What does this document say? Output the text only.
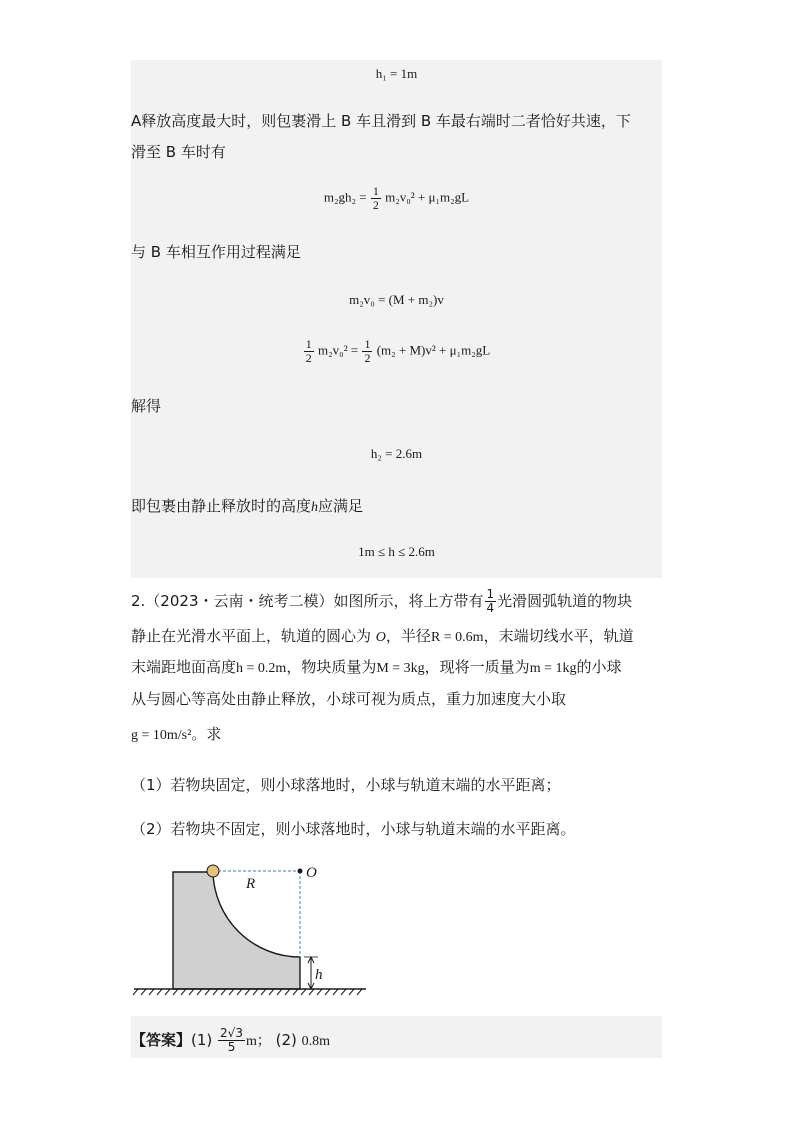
h₁ = 1m
A释放高度最大时，则包裹滑上 B 车且滑到 B 车最右端时二者恰好共速，下
滑至 B 车时有
$m_2gh_2 = \frac{1}{2} m_2v_0^2 + \mu_1m_2gL$
与 B 车相互作用过程满足
m₂v₀ = (M + m₂)v
$\frac{1}{2} m_2v_0^2 = \frac{1}{2} (m_2 + M)v^2 + \mu_1m_2gL$
解得
h₂ = 2.6m
即包裹由静止释放时的高度h应满足
1m ≤ h ≤ 2.6m
2.（2023・云南・统考二模）如图所示，将上方带有 $\frac{1}{4}$ 光滑圆弧轨道的物块
静止在光滑水平面上，轨道的圆心为 O，半径R = 0.6m，末端切线水平，轨道
末端距地面高度h = 0.2m，物块质量为M = 3kg，现将一质量为m = 1kg的小球
从与圆心等高处由静止释放，小球可视为质点，重力加速度大小取
g = 10m/s²。求
（1）若物块固定，则小球落地时，小球与轨道末端的水平距离；
（2）若物块不固定，则小球落地时，小球与轨道末端的水平距离。
R
O
h
【答案】$(1) \frac{2√3}{5}$ m； (2) 0.8m
